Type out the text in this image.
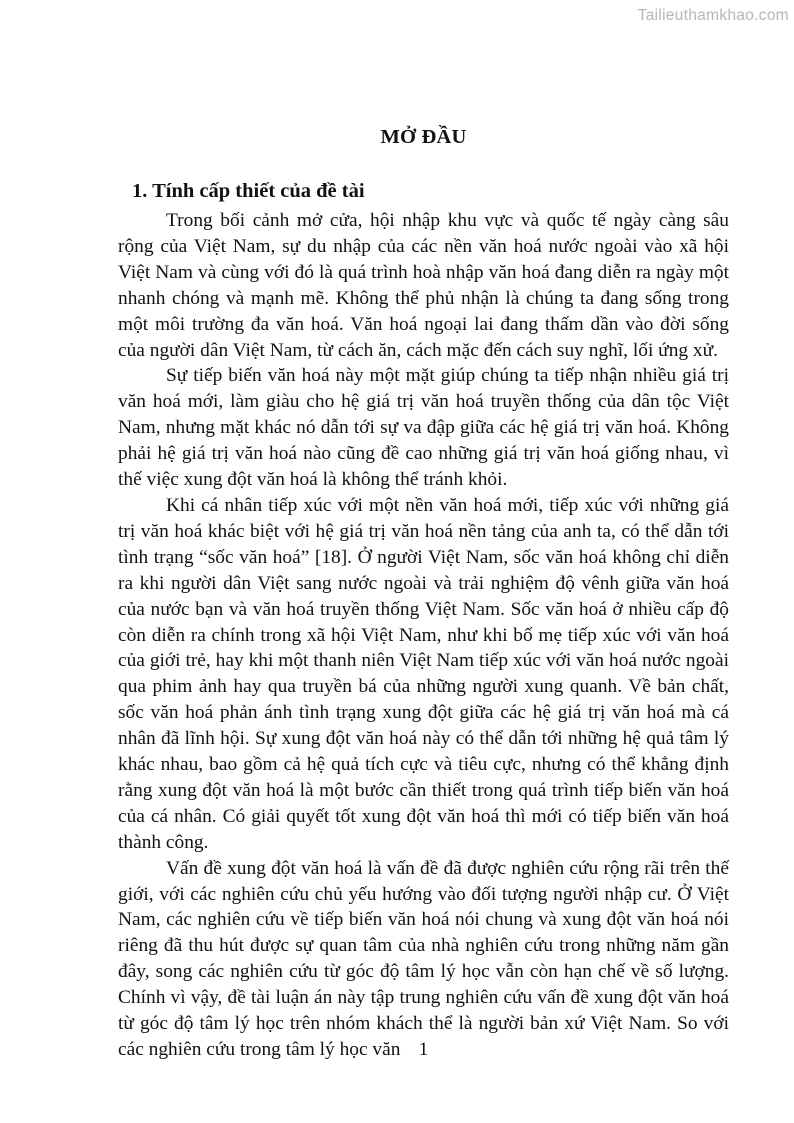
Tailieuthamkhao.com
MỞ ĐẦU
1. Tính cấp thiết của đề tài

Trong bối cảnh mở cửa, hội nhập khu vực và quốc tế ngày càng sâu rộng của Việt Nam, sự du nhập của các nền văn hoá nước ngoài vào xã hội Việt Nam và cùng với đó là quá trình hoà nhập văn hoá đang diễn ra ngày một nhanh chóng và mạnh mẽ. Không thể phủ nhận là chúng ta đang sống trong một môi trường đa văn hoá. Văn hoá ngoại lai đang thấm dần vào đời sống của người dân Việt Nam, từ cách ăn, cách mặc đến cách suy nghĩ, lối ứng xử.

Sự tiếp biến văn hoá này một mặt giúp chúng ta tiếp nhận nhiều giá trị văn hoá mới, làm giàu cho hệ giá trị văn hoá truyền thống của dân tộc Việt Nam, nhưng mặt khác nó dẫn tới sự va đập giữa các hệ giá trị văn hoá. Không phải hệ giá trị văn hoá nào cũng đề cao những giá trị văn hoá giống nhau, vì thế việc xung đột văn hoá là không thể tránh khỏi.

Khi cá nhân tiếp xúc với một nền văn hoá mới, tiếp xúc với những giá trị văn hoá khác biệt với hệ giá trị văn hoá nền tảng của anh ta, có thể dẫn tới tình trạng “sốc văn hoá” [18]. Ở người Việt Nam, sốc văn hoá không chỉ diễn ra khi người dân Việt sang nước ngoài và trải nghiệm độ vênh giữa văn hoá của nước bạn và văn hoá truyền thống Việt Nam. Sốc văn hoá ở nhiều cấp độ còn diễn ra chính trong xã hội Việt Nam, như khi bố mẹ tiếp xúc với văn hoá của giới trẻ, hay khi một thanh niên Việt Nam tiếp xúc với văn hoá nước ngoài qua phim ảnh hay qua truyền bá của những người xung quanh. Về bản chất, sốc văn hoá phản ánh tình trạng xung đột giữa các hệ giá trị văn hoá mà cá nhân đã lĩnh hội. Sự xung đột văn hoá này có thể dẫn tới những hệ quả tâm lý khác nhau, bao gồm cả hệ quả tích cực và tiêu cực, nhưng có thể khẳng định rằng xung đột văn hoá là một bước cần thiết trong quá trình tiếp biến văn hoá của cá nhân. Có giải quyết tốt xung đột văn hoá thì mới có tiếp biến văn hoá thành công.

Vấn đề xung đột văn hoá là vấn đề đã được nghiên cứu rộng rãi trên thế giới, với các nghiên cứu chủ yếu hướng vào đối tượng người nhập cư. Ở Việt Nam, các nghiên cứu về tiếp biến văn hoá nói chung và xung đột văn hoá nói riêng đã thu hút được sự quan tâm của nhà nghiên cứu trong những năm gần đây, song các nghiên cứu từ góc độ tâm lý học vẫn còn hạn chế về số lượng. Chính vì vậy, đề tài luận án này tập trung nghiên cứu vấn đề xung đột văn hoá từ góc độ tâm lý học trên nhóm khách thể là người bản xứ Việt Nam. So với các nghiên cứu trong tâm lý học văn 1
